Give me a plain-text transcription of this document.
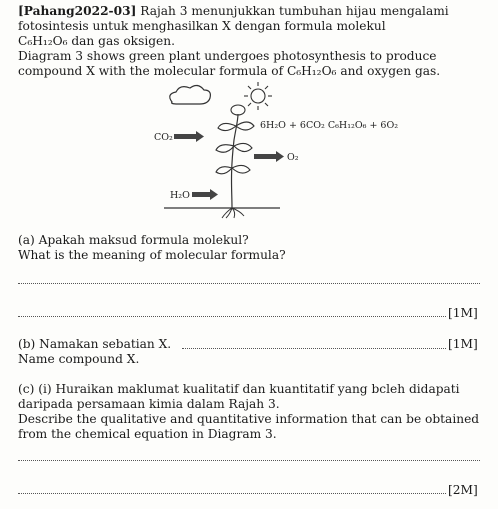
[Pahang2022-03] Rajah 3 menunjukkan tumbuhan hijau mengalami
fotosintesis untuk menghasilkan X dengan formula molekul
C₆H₁₂O₆ dan gas oksigen.
Diagram 3 shows green plant undergoes photosynthesis to produce
compound X with the molecular formula of C₆H₁₂O₆ and oxygen gas.
CO₂
O₂
H₂O
6H₂O + 6CO₂ C₆H₁₂O₆ + 6O₂
(a) Apakah maksud formula molekul?
What is the meaning of molecular formula?
[1M]
(b) Namakan sebatian X.	[1M]
Name compound X.
(c) (i) Huraikan maklumat kualitatif dan kuantitatif yang bcleh didapati
daripada persamaan kimia dalam Rajah 3.
Describe the qualitative and quantitative information that can be obtained
from the chemical equation in Diagram 3.
[2M]
